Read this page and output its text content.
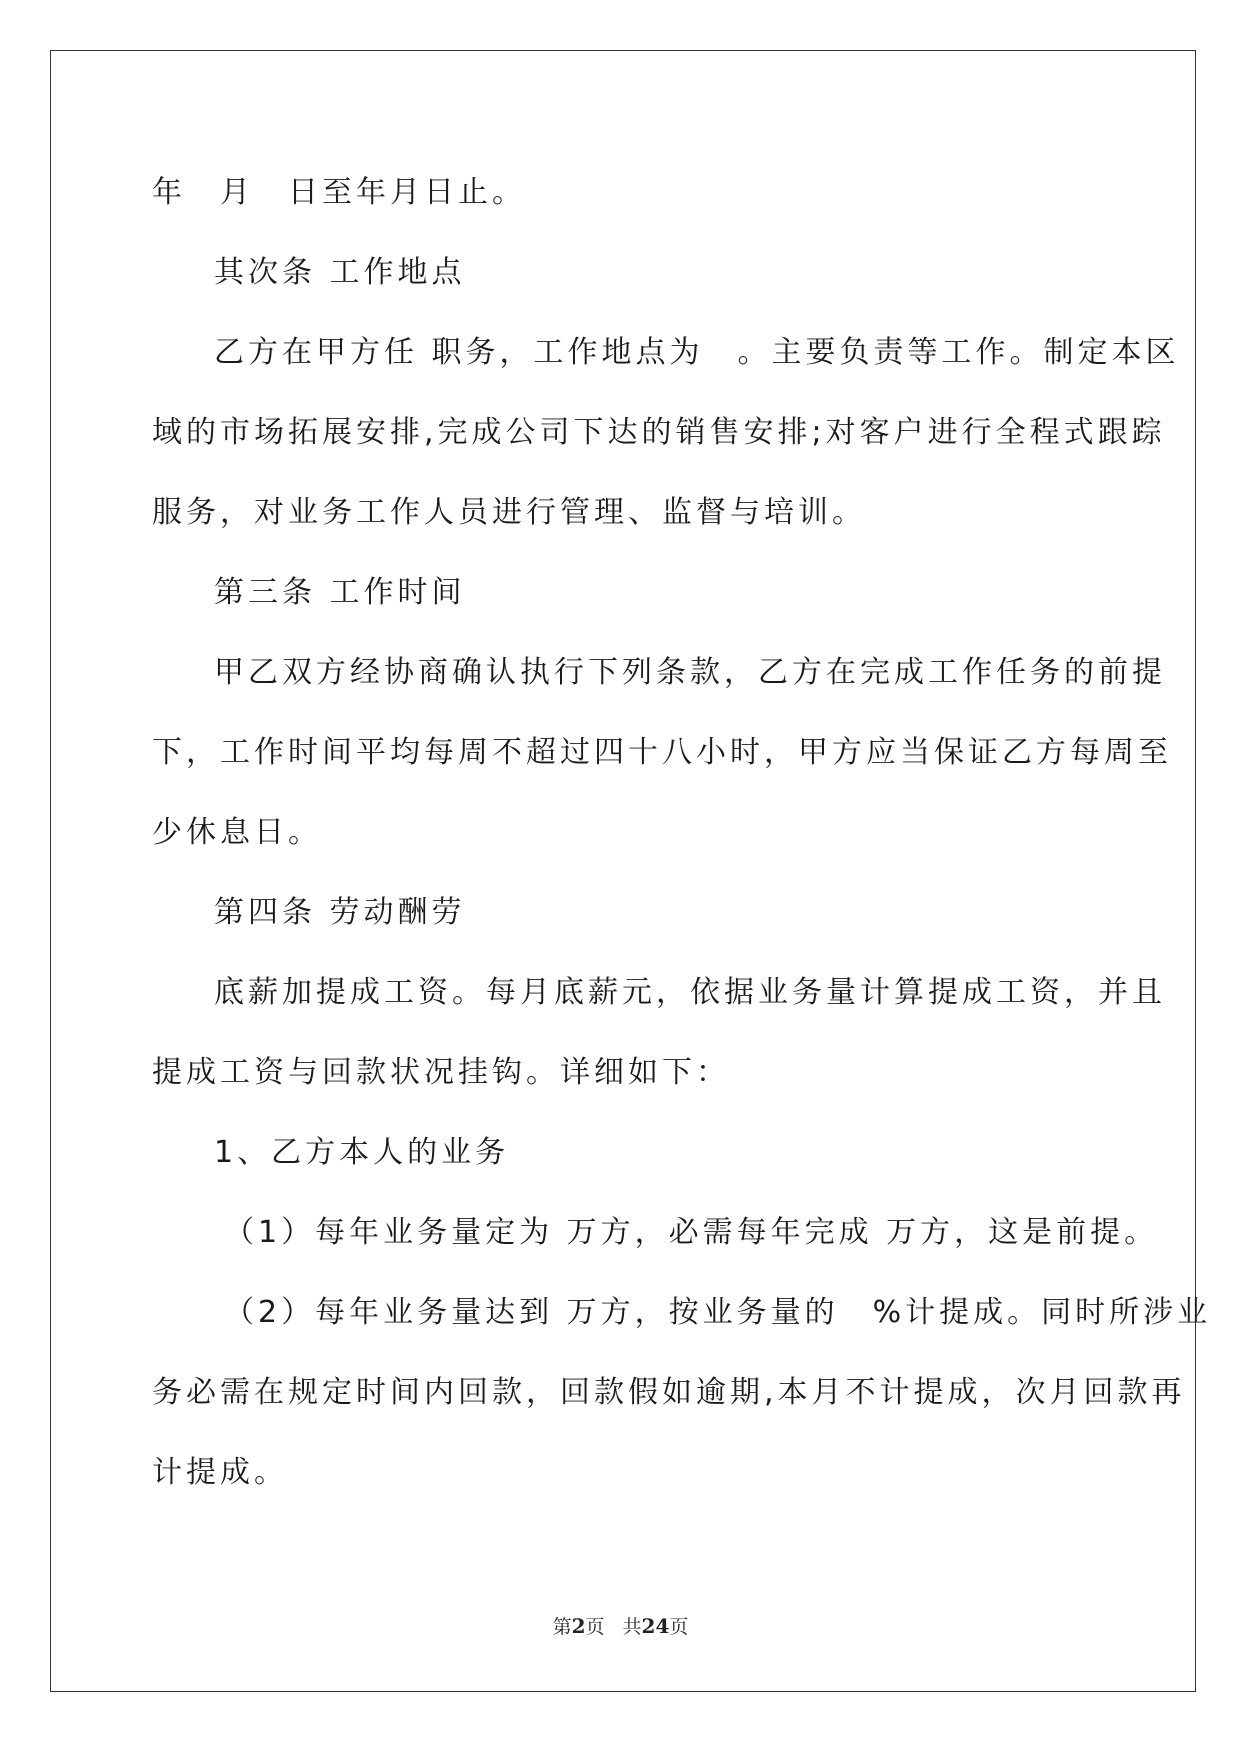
年　月　日至年月日止。
其次条 工作地点
乙方在甲方任 职务，工作地点为　。主要负责等工作。制定本区
域的市场拓展安排,完成公司下达的销售安排;对客户进行全程式跟踪
服务，对业务工作人员进行管理、监督与培训。
第三条 工作时间
甲乙双方经协商确认执行下列条款，乙方在完成工作任务的前提
下，工作时间平均每周不超过四十八小时，甲方应当保证乙方每周至
少休息日。
第四条 劳动酬劳
底薪加提成工资。每月底薪元，依据业务量计算提成工资，并且
提成工资与回款状况挂钩。详细如下：
1、乙方本人的业务
（1）每年业务量定为 万方，必需每年完成 万方，这是前提。
（2）每年业务量达到 万方，按业务量的　%计提成。同时所涉业
务必需在规定时间内回款，回款假如逾期,本月不计提成，次月回款再
计提成。
第2页 共24页
